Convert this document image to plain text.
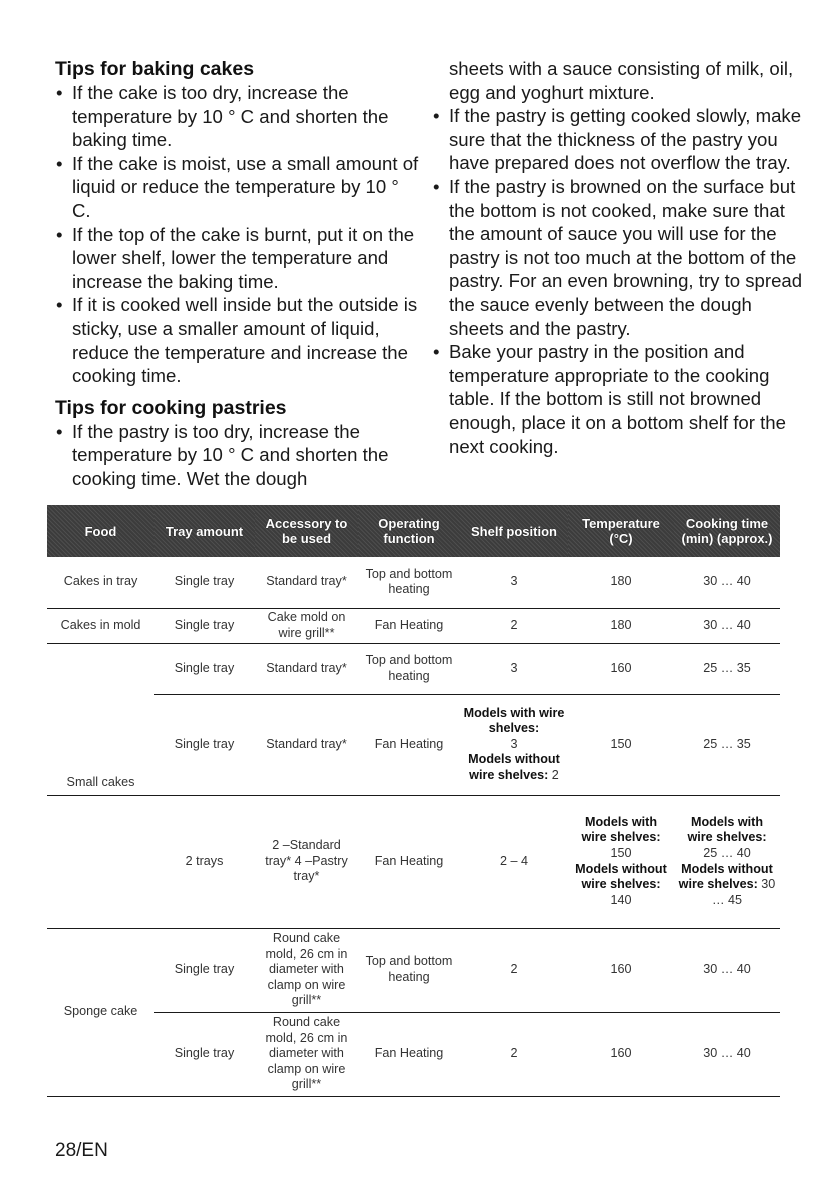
Tips for baking cakes

• If the cake is too dry, increase the temperature by 10 ° C and shorten the baking time.
• If the cake is moist, use a small amount of liquid or reduce the temperature by 10 ° C.
• If the top of the cake is burnt, put it on the lower shelf, lower the temperature and increase the baking time.
• If it is cooked well inside but the outside is sticky, use a smaller amount of liquid, reduce the temperature and increase the cooking time.

Tips for cooking pastries

• If the pastry is too dry, increase the temperature by 10 ° C and shorten the cooking time. Wet the dough

sheets with a sauce consisting of milk, oil, egg and yoghurt mixture.

• If the pastry is getting cooked slowly, make sure that the thickness of the pastry you have prepared does not overflow the tray.
• If the pastry is browned on the surface but the bottom is not cooked, make sure that the amount of sauce you will use for the pastry is not too much at the bottom of the pastry. For an even browning, try to spread the sauce evenly between the dough sheets and the pastry.
• Bake your pastry in the position and temperature appropriate to the cooking table. If the bottom is still not browned enough, place it on a bottom shelf for the next cooking.
Food	Tray amount	Accessory to be used	Operating function	Shelf position	Temperature (°C)	Cooking time (min) (approx.)
Cakes in tray	Single tray	Standard tray*	Top and bottom heating	3	180	30 … 40
Cakes in mold	Single tray	Cake mold on wire grill**	Fan Heating	2	180	30 … 40
Small cakes	Single tray	Standard tray*	Top and bottom heating	3	160	25 … 35
	Single tray	Standard tray*	Fan Heating	Models with wire shelves:
3
Models without wire shelves: 2	150	25 … 35
	2 trays	2 –Standard tray* 4 –Pastry tray*	Fan Heating	2 – 4	Models with wire shelves:
150
Models without wire shelves: 140	Models with wire shelves:
25 … 40
Models without wire shelves: 30 … 45
Sponge cake	Single tray	Round cake mold, 26 cm in diameter with clamp on wire grill**	Top and bottom heating	2	160	30 … 40
	Single tray	Round cake mold, 26 cm in diameter with clamp on wire grill**	Fan Heating	2	160	30 … 40
28/EN
